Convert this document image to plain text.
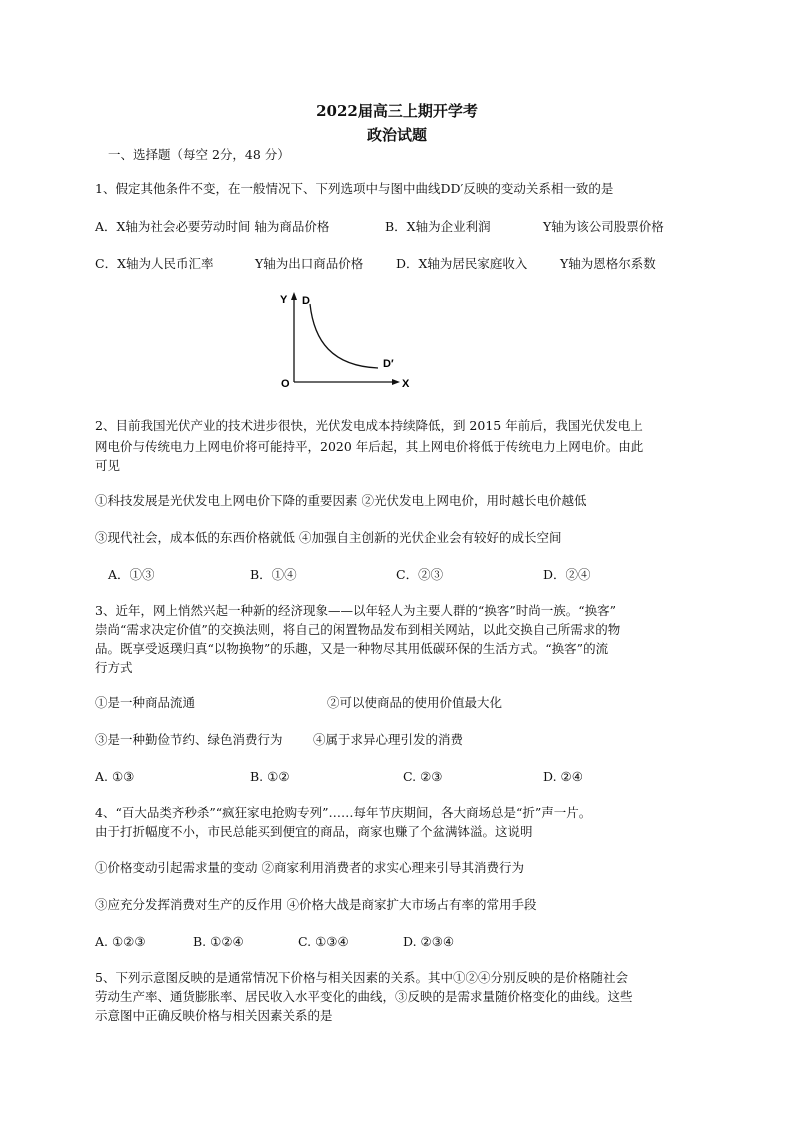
2022届高三上期开学考
政治试题
一、选择题（每空 2分，48 分）
1、假定其他条件不变，在一般情况下、下列选项中与图中曲线DD′反映的变动关系相一致的是
A．X轴为社会必要劳动时间 轴为商品价格	B．X轴为企业利润	Y轴为该公司股票价格
C．X轴为人民币汇率	Y轴为出口商品价格	D．X轴为居民家庭收入	Y轴为恩格尔系数
Y D
D′
O	X
2、目前我国光伏产业的技术进步很快，光伏发电成本持续降低，到 2015 年前后，我国光伏发电上
网电价与传统电力上网电价将可能持平，2020 年后起，其上网电价将低于传统电力上网电价。由此
可见
①科技发展是光伏发电上网电价下降的重要因素 ②光伏发电上网电价，用时越长电价越低
③现代社会，成本低的东西价格就低 ④加强自主创新的光伏企业会有较好的成长空间
A．①③	B．①④	C．②③	D．②④
3、近年，网上悄然兴起一种新的经济现象——以年轻人为主要人群的“换客”时尚一族。“换客”
崇尚“需求决定价值”的交换法则，将自己的闲置物品发布到相关网站，以此交换自己所需求的物
品。既享受返璞归真“以物换物”的乐趣，又是一种物尽其用低碳环保的生活方式。“换客”的流
行方式
①是一种商品流通	②可以使商品的使用价值最大化
③是一种勤俭节约、绿色消费行为 ④属于求异心理引发的消费
A. ①③	B. ①②	C. ②③	D. ②④
4、“百大品类齐秒杀”“疯狂家电抢购专列”……每年节庆期间，各大商场总是“折”声一片。
由于打折幅度不小，市民总能买到便宜的商品，商家也赚了个盆满钵溢。这说明
①价格变动引起需求量的变动 ②商家利用消费者的求实心理来引导其消费行为
③应充分发挥消费对生产的反作用 ④价格大战是商家扩大市场占有率的常用手段
A. ①②③	B. ①②④	C. ①③④	D. ②③④
5、下列示意图反映的是通常情况下价格与相关因素的关系。其中①②④分别反映的是价格随社会
劳动生产率、通货膨胀率、居民收入水平变化的曲线，③反映的是需求量随价格变化的曲线。这些
示意图中正确反映价格与相关因素关系的是
